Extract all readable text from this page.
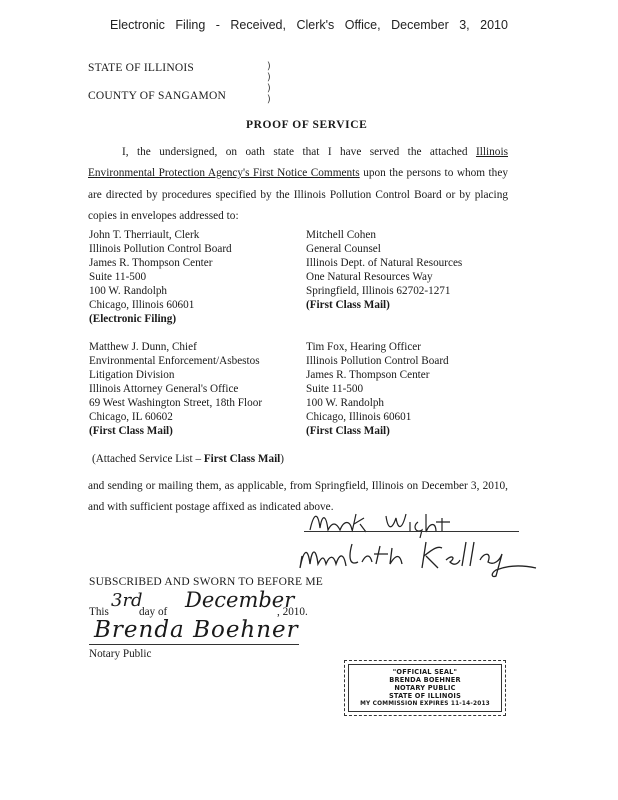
Electronic Filing - Received, Clerk's Office, December 3, 2010
STATE OF ILLINOIS
COUNTY OF SANGAMON
)
)
)
)
PROOF OF SERVICE
I, the undersigned, on oath state that I have served the attached Illinois Environmental Protection Agency's First Notice Comments upon the persons to whom they are directed by procedures specified by the Illinois Pollution Control Board or by placing copies in envelopes addressed to:
John T. Therriault, Clerk
Illinois Pollution Control Board
James R. Thompson Center
Suite 11-500
100 W. Randolph
Chicago, Illinois 60601
(Electronic Filing)
Mitchell Cohen
General Counsel
Illinois Dept. of Natural Resources
One Natural Resources Way
Springfield, Illinois 62702-1271
(First Class Mail)
Matthew J. Dunn, Chief
Environmental Enforcement/Asbestos
Litigation Division
Illinois Attorney General's Office
69 West Washington Street, 18th Floor
Chicago, IL 60602
(First Class Mail)
Tim Fox, Hearing Officer
Illinois Pollution Control Board
James R. Thompson Center
Suite 11-500
100 W. Randolph
Chicago, Illinois 60601
(First Class Mail)
(Attached Service List – First Class Mail)
and sending or mailing them, as applicable, from Springfield, Illinois on December 3, 2010, and with sufficient postage affixed as indicated above.
SUBSCRIBED AND SWORN TO BEFORE ME
This
3rd
day of December
, 2010.
Brenda Boehner
Notary Public
"OFFICIAL SEAL"
BRENDA BOEHNER
NOTARY PUBLIC
STATE OF ILLINOIS
MY COMMISSION EXPIRES 11-14-2013
